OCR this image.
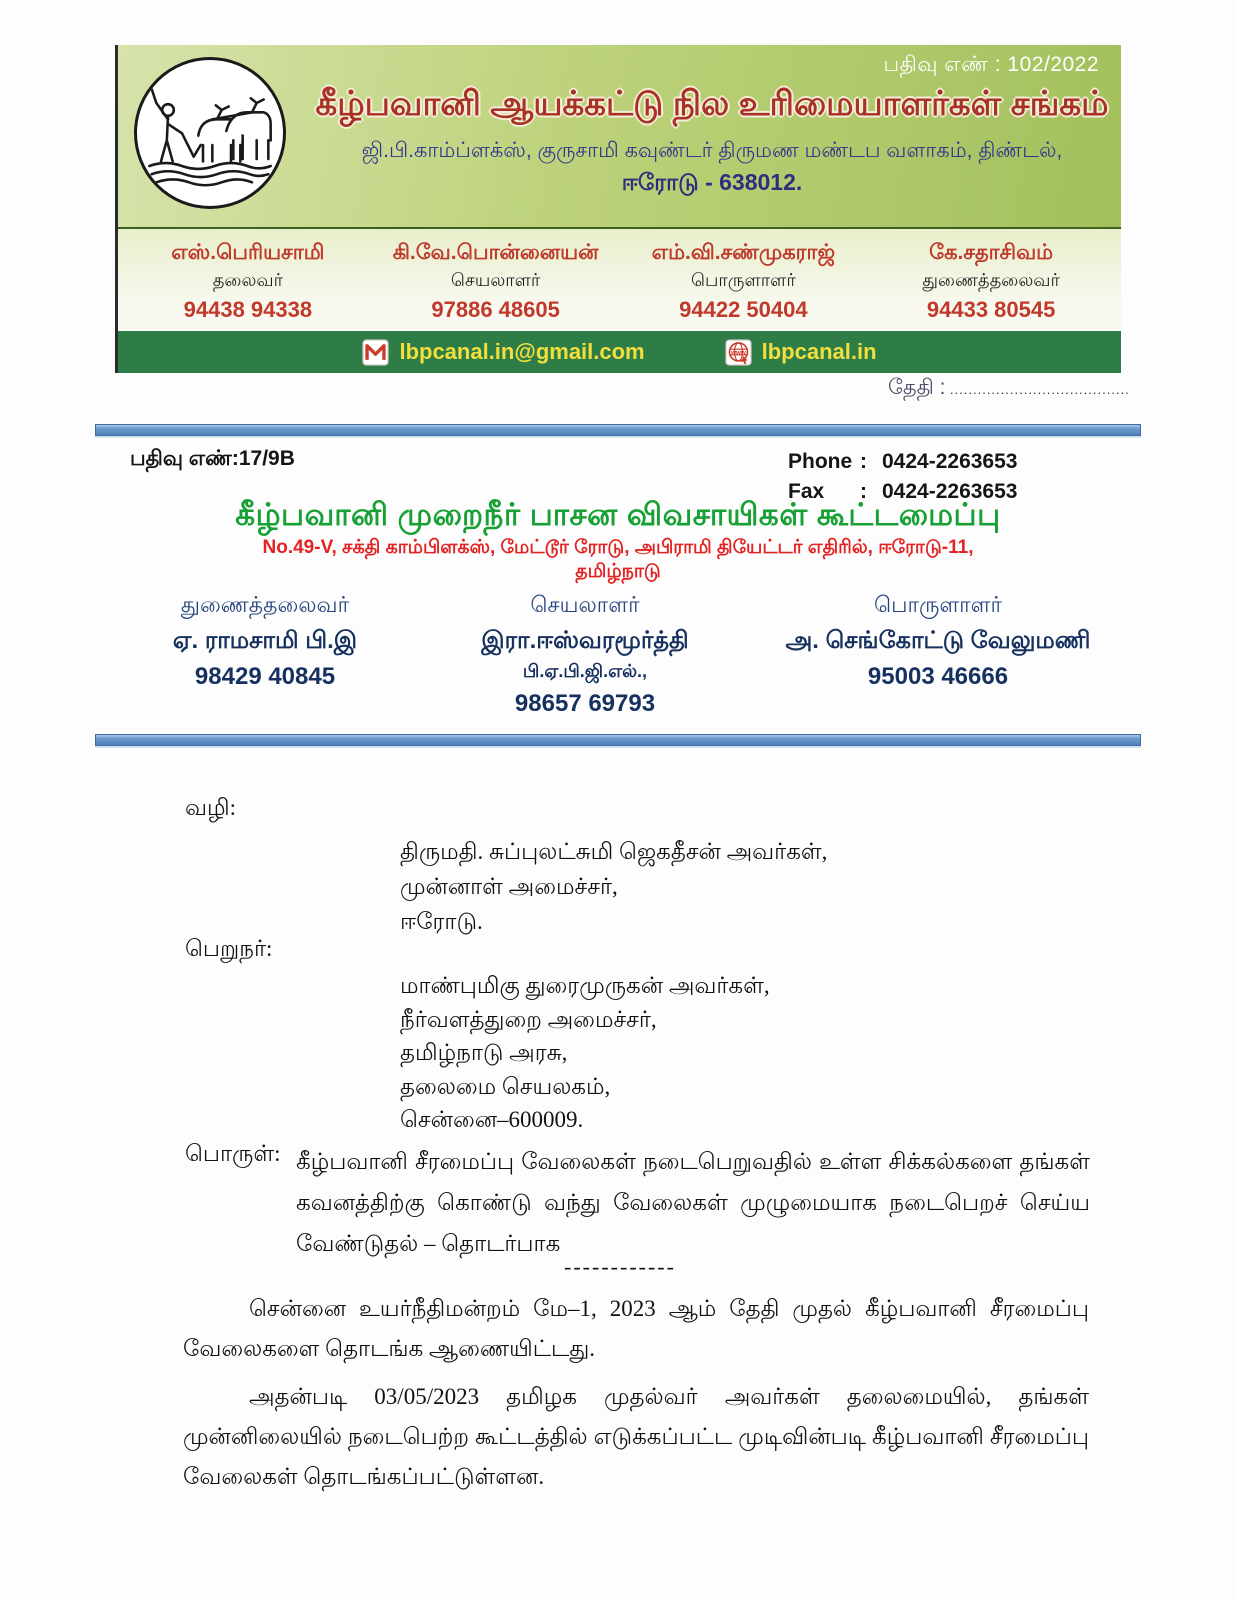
பதிவு எண் : 102/2022
கீழ்பவானி ஆயக்கட்டு நில உரிமையாளர்கள் சங்கம்
ஜி.பி.காம்ப்ளக்ஸ், குருசாமி கவுண்டர் திருமண மண்டப வளாகம், திண்டல்,
ஈரோடு - 638012.
எஸ்.பெரியசாமி
தலைவர்
94438 94338
கி.வே.பொன்னையன்
செயலாளர்
97886 48605
எம்.வி.சண்முகராஜ்
பொருளாளர்
94422 50404
கே.சதாசிவம்
துணைத்தலைவர்
94433 80545
lbpcanal.in@gmail.com	www lbpcanal.in
தேதி : .......................................
பதிவு எண்:17/9B	Phone : 0424-2263653
Fax	: 0424-2263653
கீழ்பவானி முறைநீர் பாசன விவசாயிகள் கூட்டமைப்பு
No.49-V, சக்தி காம்பிளக்ஸ், மேட்டூர் ரோடு, அபிராமி தியேட்டர் எதிரில், ஈரோடு-11,
தமிழ்நாடு
துணைத்தலைவர்
ஏ. ராமசாமி பி.இ
98429 40845
செயலாளர்
இரா.ஈஸ்வரமூர்த்தி
பி.ஏ.பி.ஜி.எல்.,
98657 69793
பொருளாளர்
அ. செங்கோட்டு வேலுமணி
95003 46666
வழி:
திருமதி. சுப்புலட்சுமி ஜெகதீசன் அவர்கள்,
முன்னாள் அமைச்சர்,
ஈரோடு.
பெறுநர்:
மாண்புமிகு துரைமுருகன் அவர்கள்,
நீர்வளத்துறை அமைச்சர்,
தமிழ்நாடு அரசு,
தலைமை செயலகம்,
சென்னை–600009.
பொருள்: கீழ்பவானி சீரமைப்பு வேலைகள் நடைபெறுவதில் உள்ள சிக்கல்களை தங்கள் கவனத்திற்கு கொண்டு வந்து வேலைகள் முழுமையாக நடைபெறச் செய்ய வேண்டுதல் – தொடர்பாக
------------
சென்னை உயர்நீதிமன்றம் மே–1, 2023 ஆம் தேதி முதல் கீழ்பவானி சீரமைப்பு வேலைகளை தொடங்க ஆணையிட்டது.
அதன்படி 03/05/2023 தமிழக முதல்வர் அவர்கள் தலைமையில், தங்கள் முன்னிலையில் நடைபெற்ற கூட்டத்தில் எடுக்கப்பட்ட முடிவின்படி கீழ்பவானி சீரமைப்பு வேலைகள் தொடங்கப்பட்டுள்ளன.
